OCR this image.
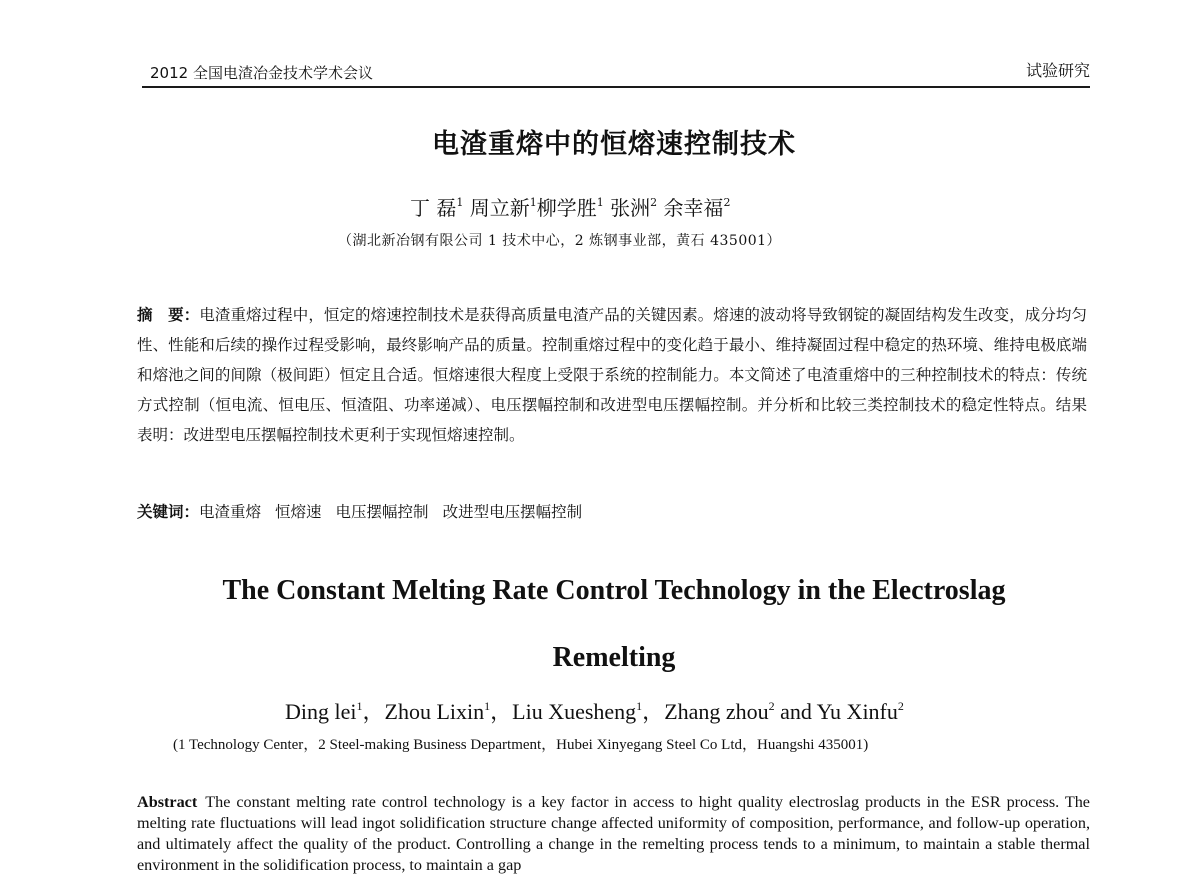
2012 全国电渣冶金技术学术会议	试验研究
电渣重熔中的恒熔速控制技术
丁 磊$^1$ 周立新$^1$柳学胜$^1$ 张洲$^2$ 余幸福$^2$
（湖北新冶钢有限公司 1 技术中心，2 炼钢事业部，黄石 435001）
摘　要：电渣重熔过程中，恒定的熔速控制技术是获得高质量电渣产品的关键因素。熔速的波动将导致钢锭的凝固结构发生改变，成分均匀性、性能和后续的操作过程受影响，最终影响产品的质量。控制重熔过程中的变化趋于最小、维持凝固过程中稳定的热环境、维持电极底端和熔池之间的间隙（极间距）恒定且合适。恒熔速很大程度上受限于系统的控制能力。本文简述了电渣重熔中的三种控制技术的特点：传统方式控制（恒电流、恒电压、恒渣阻、功率递减）、电压摆幅控制和改进型电压摆幅控制。并分析和比较三类控制技术的稳定性特点。结果表明：改进型电压摆幅控制技术更利于实现恒熔速控制。
关键词：电渣重熔 恒熔速 电压摆幅控制 改进型电压摆幅控制
The Constant Melting Rate Control Technology in the Electroslag
Remelting
Ding lei$^1$，Zhou Lixin$^1$，Liu Xuesheng$^1$，Zhang zhou$^2$ and Yu Xinfu$^2$
(1 Technology Center，2 Steel-making Business Department，Hubei Xinyegang Steel Co Ltd，Huangshi 435001)
Abstract The constant melting rate control technology is a key factor in access to hight quality electroslag products in the ESR process. The melting rate fluctuations will lead ingot solidification structure change affected uniformity of composition, performance, and follow-up operation, and ultimately affect the quality of the product. Controlling a change in the remelting process tends to a minimum, to maintain a stable thermal environment in the solidification process, to maintain a gap
